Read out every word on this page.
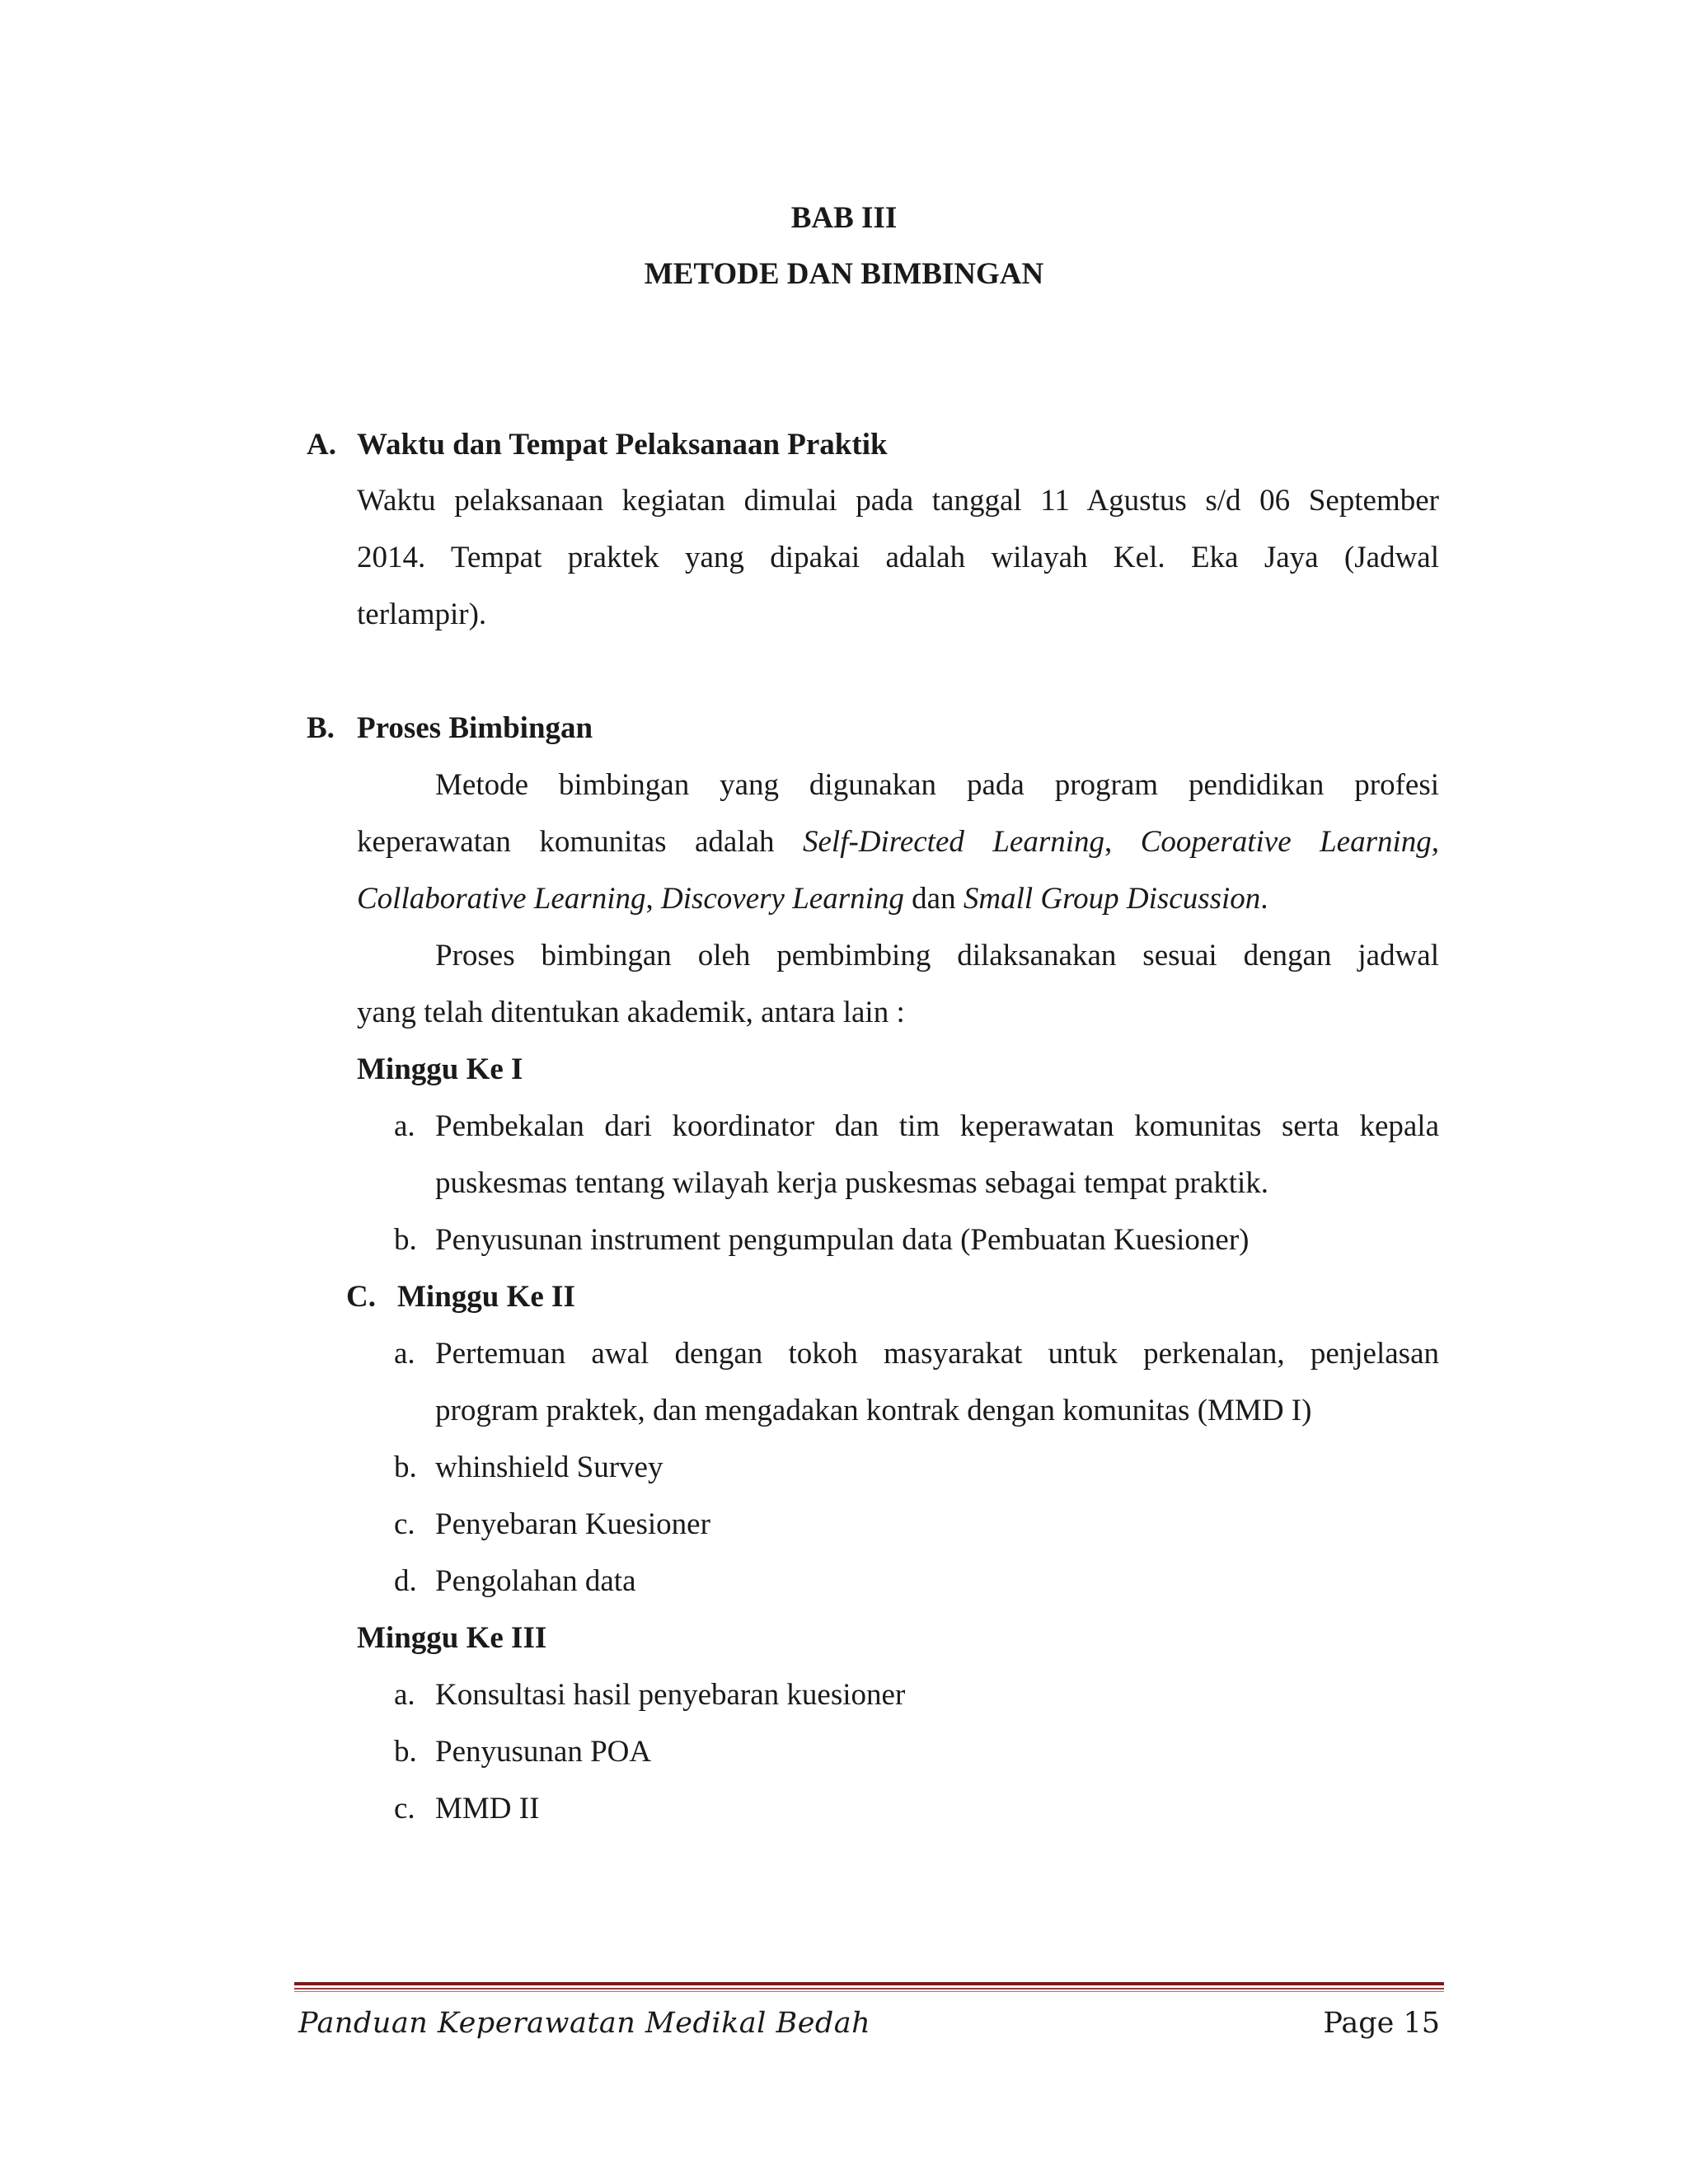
BAB III
METODE DAN BIMBINGAN
A. Waktu dan Tempat Pelaksanaan Praktik
Waktu pelaksanaan kegiatan dimulai pada tanggal 11 Agustus s/d 06 September
2014. Tempat praktek yang dipakai adalah wilayah Kel. Eka Jaya (Jadwal
terlampir).
B. Proses Bimbingan
Metode bimbingan yang digunakan pada program pendidikan profesi
keperawatan komunitas adalah Self-Directed Learning, Cooperative Learning,
Collaborative Learning, Discovery Learning dan Small Group Discussion.
Proses bimbingan oleh pembimbing dilaksanakan sesuai dengan jadwal
yang telah ditentukan akademik, antara lain :
Minggu Ke I
a. Pembekalan dari koordinator dan tim keperawatan komunitas serta kepala
puskesmas tentang wilayah kerja puskesmas sebagai tempat praktik.
b. Penyusunan instrument pengumpulan data (Pembuatan Kuesioner)
C. Minggu Ke II
a. Pertemuan awal dengan tokoh masyarakat untuk perkenalan, penjelasan
program praktek, dan mengadakan kontrak dengan komunitas (MMD I)
b. whinshield Survey
c. Penyebaran Kuesioner
d. Pengolahan data
Minggu Ke III
a. Konsultasi hasil penyebaran kuesioner
b. Penyusunan POA
c. MMD II
Panduan Keperawatan Medikal Bedah	Page 15
